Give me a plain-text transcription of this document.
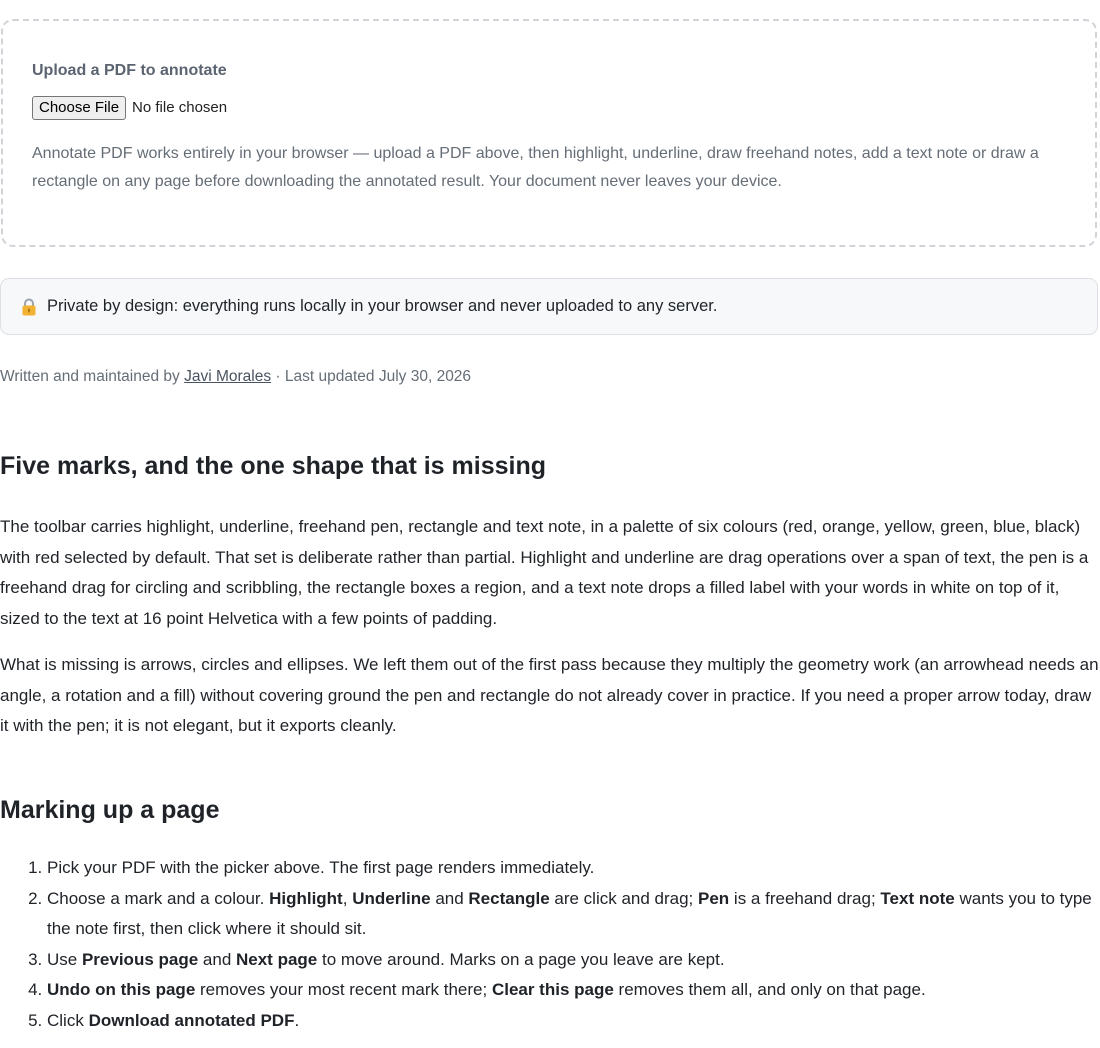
Upload a PDF to annotate
Choose File No file chosen
Annotate PDF works entirely in your browser — upload a PDF above, then highlight, underline, draw freehand notes, add a text note or draw a rectangle on any page before downloading the annotated result. Your document never leaves your device.
Private by design: everything runs locally in your browser and never uploaded to any server.
Written and maintained by Javi Morales · Last updated July 30, 2026
Five marks, and the one shape that is missing

The toolbar carries highlight, underline, freehand pen, rectangle and text note, in a palette of six colours (red, orange, yellow, green, blue, black) with red selected by default. That set is deliberate rather than partial. Highlight and underline are drag operations over a span of text, the pen is a freehand drag for circling and scribbling, the rectangle boxes a region, and a text note drops a filled label with your words in white on top of it, sized to the text at 16 point Helvetica with a few points of padding.

What is missing is arrows, circles and ellipses. We left them out of the first pass because they multiply the geometry work (an arrowhead needs an angle, a rotation and a fill) without covering ground the pen and rectangle do not already cover in practice. If you need a proper arrow today, draw it with the pen; it is not elegant, but it exports cleanly.

Marking up a page
1. Pick your PDF with the picker above. The first page renders immediately.
2. Choose a mark and a colour. Highlight, Underline and Rectangle are click and drag; Pen is a freehand drag; Text note wants you to type the note first, then click where it should sit.
3. Use Previous page and Next page to move around. Marks on a page you leave are kept.
4. Undo on this page removes your most recent mark there; Clear this page removes them all, and only on that page.
5. Click Download annotated PDF.
